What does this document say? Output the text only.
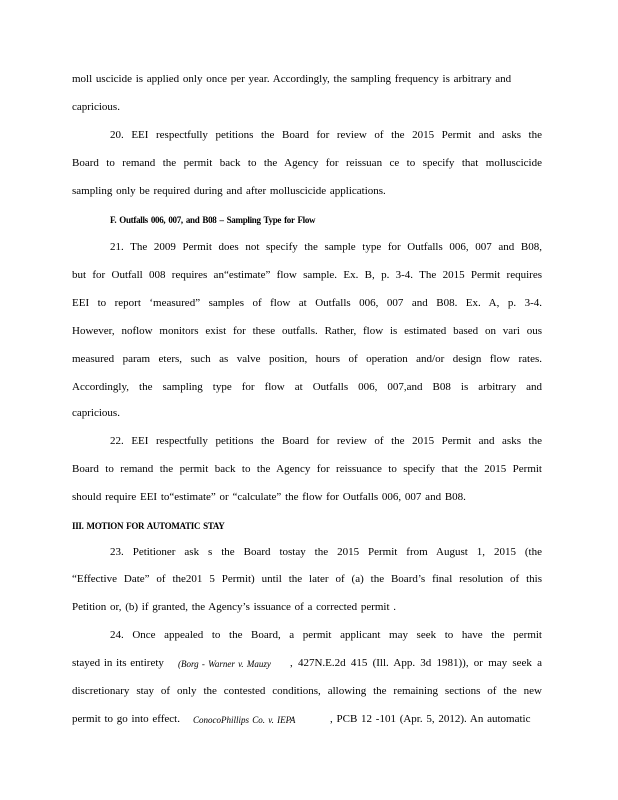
moll uscicide is applied only once per year. Accordingly, the sampling frequency is arbitrary and
capricious.
20. EEI respectfully petitions the Board for review of the 2015 Permit and asks the
Board to remand the permit back to the Agency for reissuan ce to specify that molluscicide
sampling only be required during and after molluscicide applications.
F. Outfalls 006, 007, and B08 – Sampling Type for Flow
21. The 2009 Permit does not specify the sample type for Outfalls 006, 007 and B08,
but for Outfall 008 requires an“estimate” flow sample. Ex. B, p. 3-4. The 2015 Permit requires
EEI to report ‘measured” samples of flow at Outfalls 006, 007 and B08. Ex. A, p. 3-4.
However, noflow monitors exist for these outfalls. Rather, flow is estimated based on vari ous
measured param eters, such as valve position, hours of operation and/or design flow rates.
Accordingly, the sampling type for flow at Outfalls 006, 007,and B08 is arbitrary and
capricious.
22. EEI respectfully petitions the Board for review of the 2015 Permit and asks the
Board to remand the permit back to the Agency for reissuance to specify that the 2015 Permit
should require EEI to“estimate” or “calculate” the flow for Outfalls 006, 007 and B08.
III. MOTION FOR AUTOMATIC STAY
23. Petitioner ask s the Board tostay the 2015 Permit from August 1, 2015 (the
“Effective Date” of the201 5 Permit) until the later of (a) the Board’s final resolution of this
Petition or, (b) if granted, the Agency’s issuance of a corrected permit .
24. Once appealed to the Board, a permit applicant may seek to have the permit
stayed in its entirety	(Borg - Warner v. Mauzy	, 427N.E.2d 415 (Ill. App. 3d 1981)), or may seek a
discretionary stay of only the contested conditions, allowing the remaining sections of the new
permit to go into effect.	ConocoPhillips Co. v. IEPA	, PCB 12 -101 (Apr. 5, 2012). An automatic
